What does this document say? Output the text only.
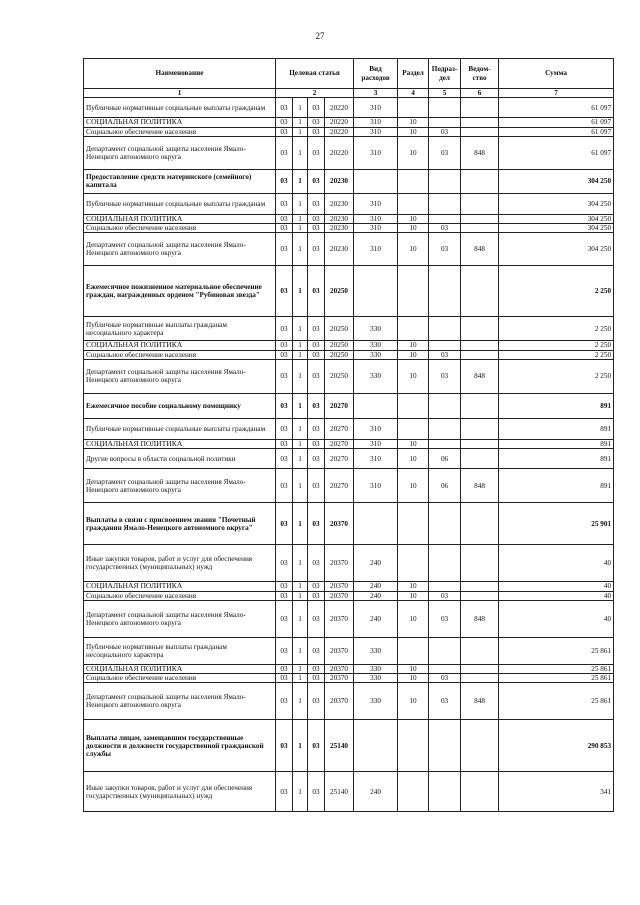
27
Наименование	Целевая статья				Вид расходов	Раздел	Подраз-дел	Ведом-ство	Сумма
1	2				3	4	5	6	7
Публичные нормативные социальные выплаты гражданам	03	1	03	20220	310				61 097
СОЦИАЛЬНАЯ ПОЛИТИКА	03	1	03	20220	310	10			61 097
Социальное обеспечение населения	03	1	03	20220	310	10	03		61 097
Департамент социальной защиты населения Ямало-Ненецкого автономного округа	03	1	03	20220	310	10	03	848	61 097
Предоставление средств материнского (семейного) капитала	03	1	03	20230					304 250
Публичные нормативные социальные выплаты гражданам	03	1	03	20230	310				304 250
СОЦИАЛЬНАЯ ПОЛИТИКА	03	1	03	20230	310	10			304 250
Социальное обеспечение населения	03	1	03	20230	310	10	03		304 250
Департамент социальной защиты населения Ямало-Ненецкого автономного округа	03	1	03	20230	310	10	03	848	304 250
Ежемесячное пожизненное материальное обеспечение граждан, награжденных орденом "Рубиновая звезда"	03	1	03	20250					2 250
Публичные нормативные выплаты гражданам несоциального характера	03	1	03	20250	330				2 250
СОЦИАЛЬНАЯ ПОЛИТИКА	03	1	03	20250	330	10			2 250
Социальное обеспечение населения	03	1	03	20250	330	10	03		2 250
Департамент социальной защиты населения Ямало-Ненецкого автономного округа	03	1	03	20250	330	10	03	848	2 250
Ежемесячное пособие социальному помощнику	03	1	03	20270					891
Публичные нормативные социальные выплаты гражданам	03	1	03	20270	310				891
СОЦИАЛЬНАЯ ПОЛИТИКА	03	1	03	20270	310	10			891
Другие вопросы в области социальной политики	03	1	03	20270	310	10	06		891
Департамент социальной защиты населения Ямало-Ненецкого автономного округа	03	1	03	20270	310	10	06	848	891
Выплаты в связи с присвоением звания "Почетный гражданин Ямало-Ненецкого автономного округа"	03	1	03	20370					25 901
Иные закупки товаров, работ и услуг для обеспечения государственных (муниципальных) нужд	03	1	03	20370	240				40
СОЦИАЛЬНАЯ ПОЛИТИКА	03	1	03	20370	240	10			40
Социальное обеспечение населения	03	1	03	20370	240	10	03		40
Департамент социальной защиты населения Ямало-Ненецкого автономного округа	03	1	03	20370	240	10	03	848	40
Публичные нормативные выплаты гражданам несоциального характера	03	1	03	20370	330				25 861
СОЦИАЛЬНАЯ ПОЛИТИКА	03	1	03	20370	330	10			25 861
Социальное обеспечение населения	03	1	03	20370	330	10	03		25 861
Департамент социальной защиты населения Ямало-Ненецкого автономного округа	03	1	03	20370	330	10	03	848	25 861
Выплаты лицам, замещавшим государственные должности и должности государственной гражданской службы	03	1	03	25140					290 853
Иные закупки товаров, работ и услуг для обеспечения государственных (муниципальных) нужд	03	1	03	25140	240				341
